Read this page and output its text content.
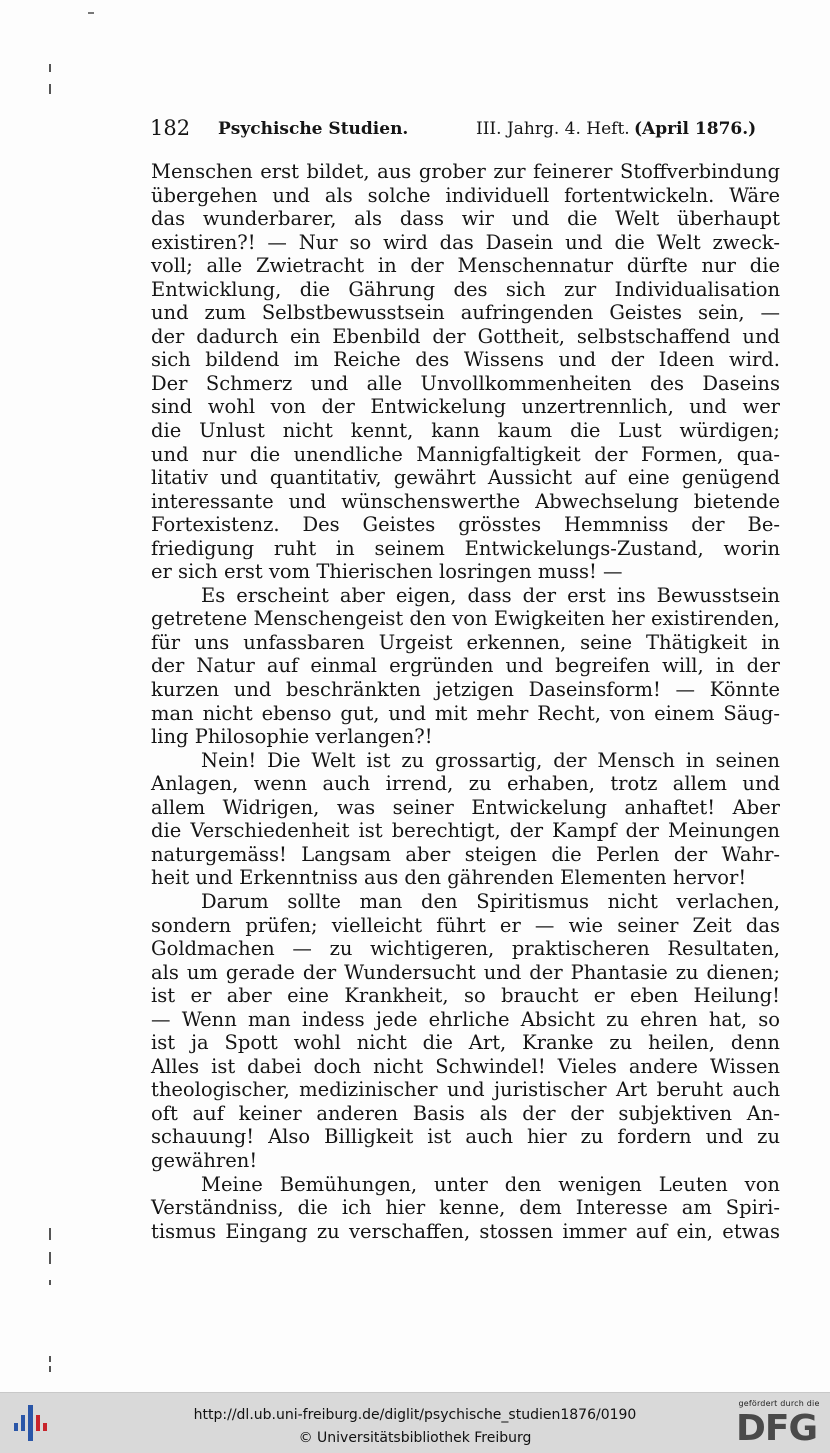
182 Psychische Studien.	III. Jahrg. 4. Heft. (April 1876.)
Menschen erst bildet, aus grober zur feinerer Stoffverbindung
übergehen und als solche individuell fortentwickeln. Wäre
das wunderbarer, als dass wir und die Welt überhaupt
existiren?! — Nur so wird das Dasein und die Welt zweck-
voll; alle Zwietracht in der Menschennatur dürfte nur die
Entwicklung, die Gährung des sich zur Individualisation
und zum Selbstbewusstsein aufringenden Geistes sein, —
der dadurch ein Ebenbild der Gottheit, selbstschaffend und
sich bildend im Reiche des Wissens und der Ideen wird.
Der Schmerz und alle Unvollkommenheiten des Daseins
sind wohl von der Entwickelung unzertrennlich, und wer
die Unlust nicht kennt, kann kaum die Lust würdigen;
und nur die unendliche Mannigfaltigkeit der Formen, qua-
litativ und quantitativ, gewährt Aussicht auf eine genügend
interessante und wünschenswerthe Abwechselung bietende
Fortexistenz. Des Geistes grösstes Hemmniss der Be-
friedigung ruht in seinem Entwickelungs-Zustand, worin
er sich erst vom Thierischen losringen muss! —
Es erscheint aber eigen, dass der erst ins Bewusstsein
getretene Menschengeist den von Ewigkeiten her existirenden,
für uns unfassbaren Urgeist erkennen, seine Thätigkeit in
der Natur auf einmal ergründen und begreifen will, in der
kurzen und beschränkten jetzigen Daseinsform! — Könnte
man nicht ebenso gut, und mit mehr Recht, von einem Säug-
ling Philosophie verlangen?!
Nein! Die Welt ist zu grossartig, der Mensch in seinen
Anlagen, wenn auch irrend, zu erhaben, trotz allem und
allem Widrigen, was seiner Entwickelung anhaftet! Aber
die Verschiedenheit ist berechtigt, der Kampf der Meinungen
naturgemäss! Langsam aber steigen die Perlen der Wahr-
heit und Erkenntniss aus den gährenden Elementen hervor!
Darum sollte man den Spiritismus nicht verlachen,
sondern prüfen; vielleicht führt er — wie seiner Zeit das
Goldmachen — zu wichtigeren, praktischeren Resultaten,
als um gerade der Wundersucht und der Phantasie zu dienen;
ist er aber eine Krankheit, so braucht er eben Heilung!
— Wenn man indess jede ehrliche Absicht zu ehren hat, so
ist ja Spott wohl nicht die Art, Kranke zu heilen, denn
Alles ist dabei doch nicht Schwindel! Vieles andere Wissen
theologischer, medizinischer und juristischer Art beruht auch
oft auf keiner anderen Basis als der der subjektiven An-
schauung! Also Billigkeit ist auch hier zu fordern und zu
gewähren!
Meine Bemühungen, unter den wenigen Leuten von
Verständniss, die ich hier kenne, dem Interesse am Spiri-
tismus Eingang zu verschaffen, stossen immer auf ein, etwas
http://dl.ub.uni-freiburg.de/diglit/psychische_studien1876/0190
© Universitätsbibliothek Freiburg
gefördert durch die
DFG
